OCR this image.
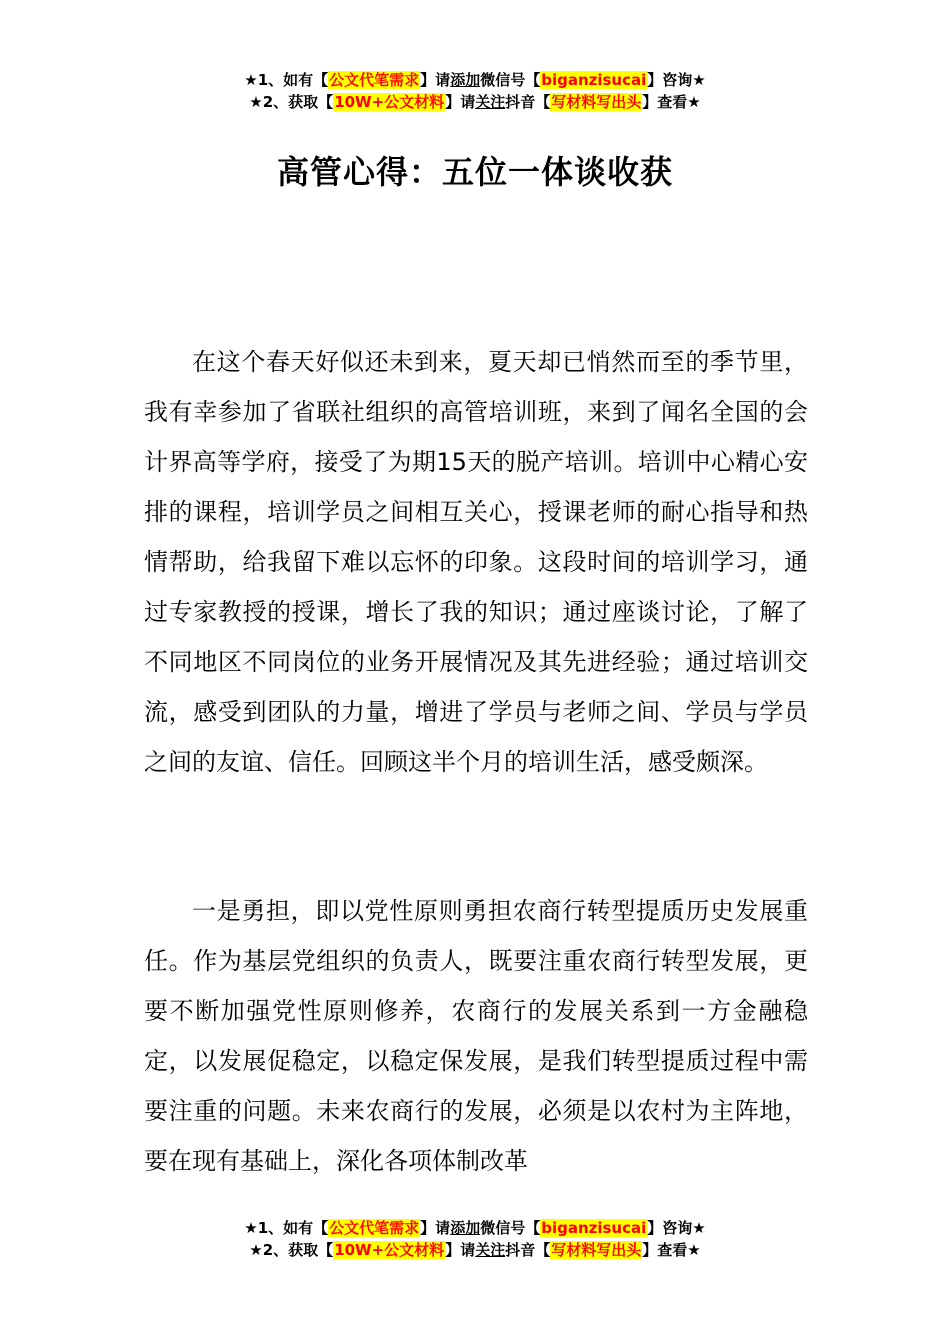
★1、如有【公文代笔需求】请添加微信号【biganzisucai】咨询★
★2、获取【10W+公文材料】请关注抖音【写材料写出头】查看★
高管心得：五位一体谈收获

在这个春天好似还未到来，夏天却已悄然而至的季节里，我有幸参加了省联社组织的高管培训班，来到了闻名全国的会计界高等学府，接受了为期15天的脱产培训。培训中心精心安排的课程，培训学员之间相互关心，授课老师的耐心指导和热情帮助，给我留下难以忘怀的印象。这段时间的培训学习，通过专家教授的授课，增长了我的知识；通过座谈讨论，了解了不同地区不同岗位的业务开展情况及其先进经验；通过培训交流，感受到团队的力量，增进了学员与老师之间、学员与学员之间的友谊、信任。回顾这半个月的培训生活，感受颇深。

一是勇担，即以党性原则勇担农商行转型提质历史发展重任。作为基层党组织的负责人，既要注重农商行转型发展，更要不断加强党性原则修养，农商行的发展关系到一方金融稳定，以发展促稳定，以稳定保发展，是我们转型提质过程中需要注重的问题。未来农商行的发展，必须是以农村为主阵地，要在现有基础上，深化各项体制改革

★1、如有【公文代笔需求】请添加微信号【biganzisucai】咨询★
★2、获取【10W+公文材料】请关注抖音【写材料写出头】查看★
